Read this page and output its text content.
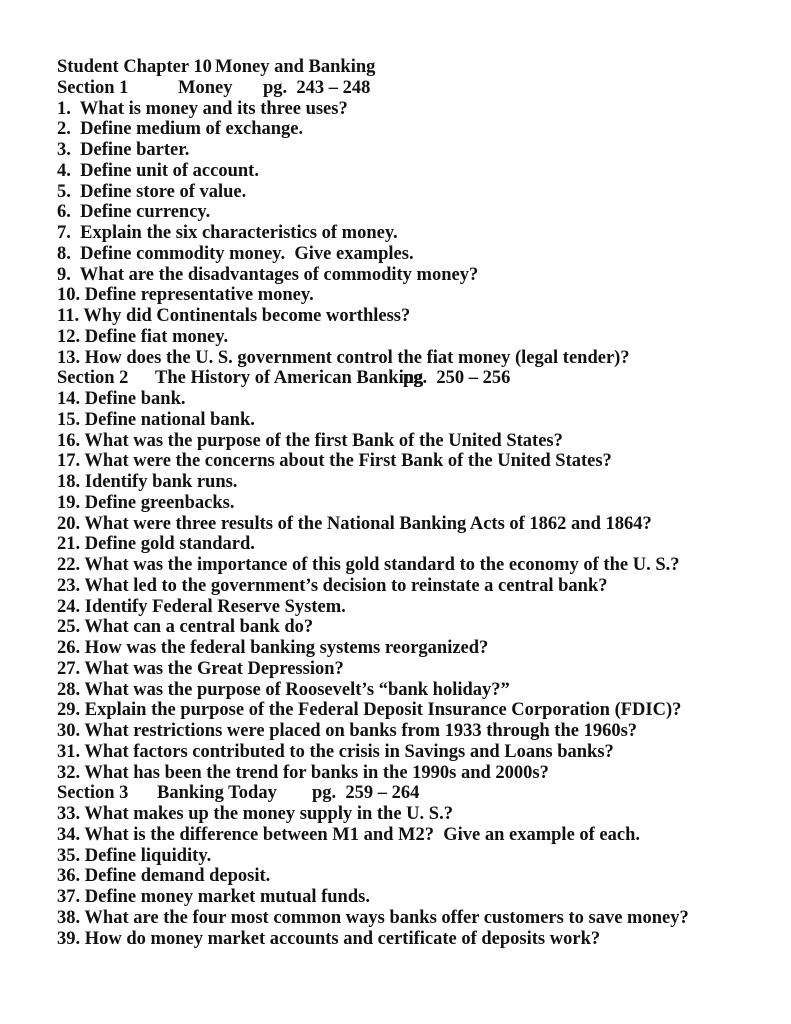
Student Chapter 10

Money and Banking

Section 1

	Money

pg.  243 – 248

1.  What is money and its three uses?
2.  Define medium of exchange.
3.  Define barter.
4.  Define unit of account.
5.  Define store of value.
6.  Define currency.
7.  Explain the six characteristics of money.
8.  Define commodity money.  Give examples.
9.  What are the disadvantages of commodity money?
10. Define representative money.
11. Why did Continentals become worthless?
12. Define fiat money.
13. How does the U. S. government control the fiat money (legal tender)?

Section 2

The History of American Banking

pg.  250 – 256

14. Define bank.
15. Define national bank.
16. What was the purpose of the first Bank of the United States?
17. What were the concerns about the First Bank of the United States?
18. Identify bank runs.
19. Define greenbacks.
20. What were three results of the National Banking Acts of 1862 and 1864?
21. Define gold standard.
22. What was the importance of this gold standard to the economy of the U. S.?
23. What led to the government’s decision to reinstate a central bank?
24. Identify Federal Reserve System.
25. What can a central bank do?
26. How was the federal banking systems reorganized?
27. What was the Great Depression?
28. What was the purpose of Roosevelt’s “bank holiday?”
29. Explain the purpose of the Federal Deposit Insurance Corporation (FDIC)?
30. What restrictions were placed on banks from 1933 through the 1960s?
31. What factors contributed to the crisis in Savings and Loans banks?
32. What has been the trend for banks in the 1990s and 2000s?

Section 3

Banking Today

pg.  259 – 264

33. What makes up the money supply in the U. S.?
34. What is the difference between M1 and M2?  Give an example of each.
35. Define liquidity.
36. Define demand deposit.
37. Define money market mutual funds.
38. What are the four most common ways banks offer customers to save money?
39. How do money market accounts and certificate of deposits work?
